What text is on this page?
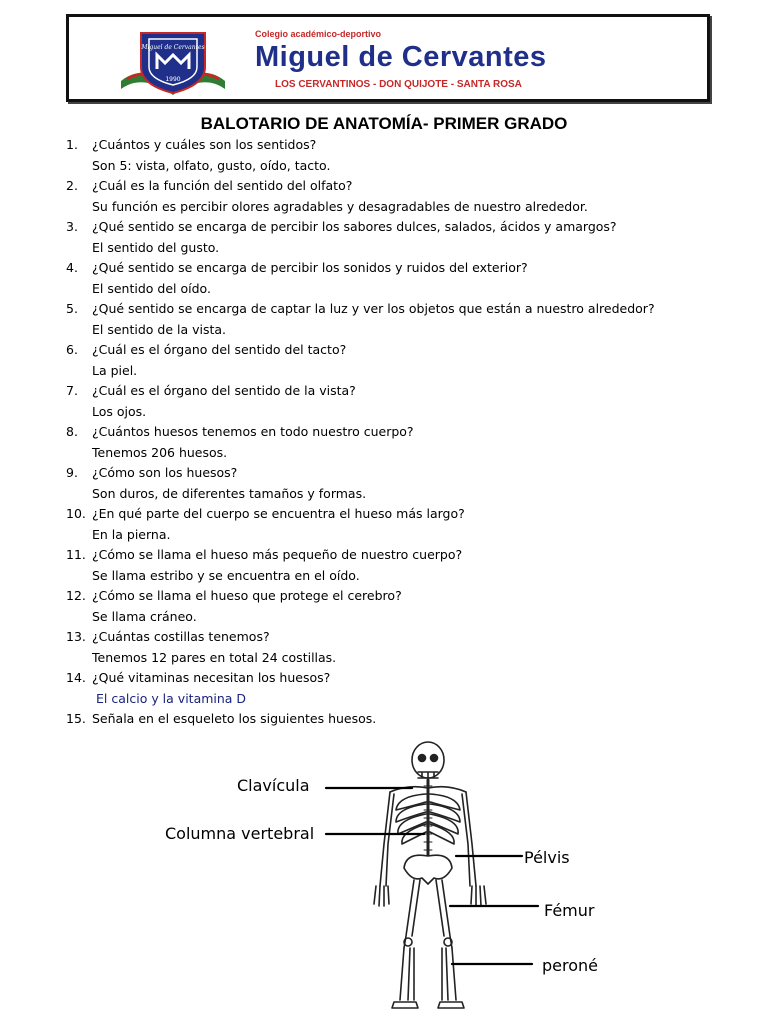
Miguel de Cervantes
1990
Colegio académico-deportivo
Miguel de Cervantes
LOS CERVANTINOS - DON QUIJOTE - SANTA ROSA
BALOTARIO DE ANATOMÍA- PRIMER GRADO
1. ¿Cuántos y cuáles son los sentidos?
Son 5: vista, olfato, gusto, oído, tacto.
2. ¿Cuál es la función del sentido del olfato?
Su función es percibir olores agradables y desagradables de nuestro alrededor.
3. ¿Qué sentido se encarga de percibir los sabores dulces, salados, ácidos y amargos?
El sentido del gusto.
4. ¿Qué sentido se encarga de percibir los sonidos y ruidos del exterior?
El sentido del oído.
5. ¿Qué sentido se encarga de captar la luz y ver los objetos que están a nuestro alrededor?
El sentido de la vista.
6. ¿Cuál es el órgano del sentido del tacto?
La piel.
7. ¿Cuál es el órgano del sentido de la vista?
Los ojos.
8. ¿Cuántos huesos tenemos en todo nuestro cuerpo?
Tenemos 206 huesos.
9. ¿Cómo son los huesos?
Son duros, de diferentes tamaños y formas.
10. ¿En qué parte del cuerpo se encuentra el hueso más largo?
En la pierna.
11. ¿Cómo se llama el hueso más pequeño de nuestro cuerpo?
Se llama estribo y se encuentra en el oído.
12. ¿Cómo se llama el hueso que protege el cerebro?
Se llama cráneo.
13. ¿Cuántas costillas tenemos?
Tenemos 12 pares en total 24 costillas.
14. ¿Qué vitaminas necesitan los huesos?
El calcio y la vitamina D
15. Señala en el esqueleto los siguientes huesos.
Clavícula
Columna vertebral
Pélvis
Fémur
peroné
